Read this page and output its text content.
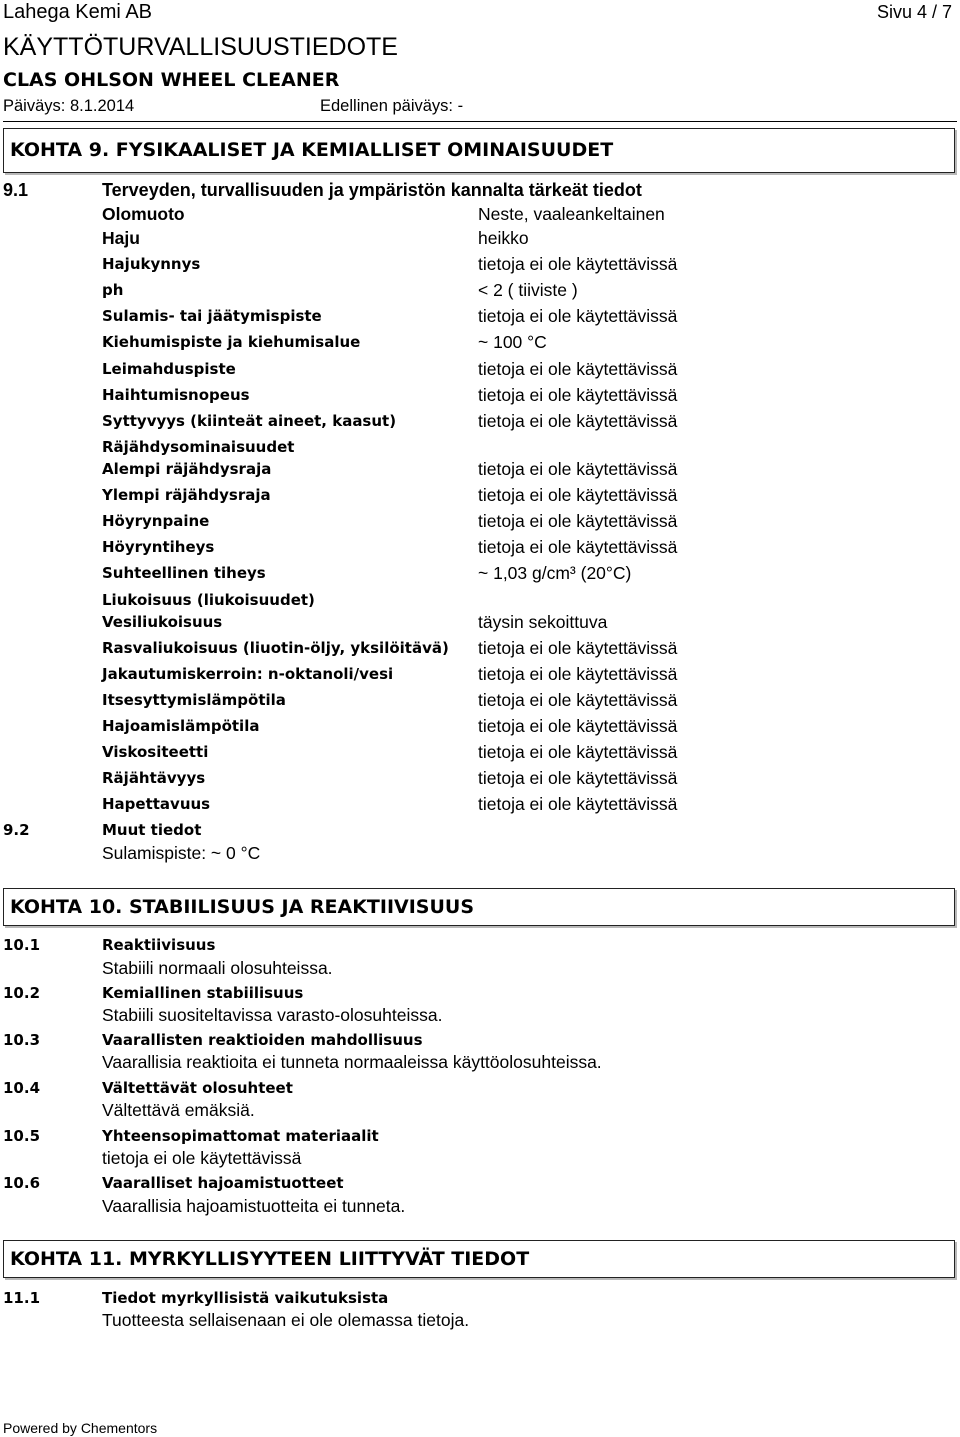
Lahega Kemi AB	Sivu 4 / 7
KÄYTTÖTURVALLISUUSTIEDOTE
CLAS OHLSON WHEEL CLEANER
Päiväys: 8.1.2014	Edellinen päiväys: -
KOHTA 9. FYSIKAALISET JA KEMIALLISET OMINAISUUDET
9.1	Terveyden, turvallisuuden ja ympäristön kannalta tärkeät tiedot
Olomuoto	Neste, vaaleankeltainen
Haju	heikko
Hajukynnys	tietoja ei ole käytettävissä
ph	< 2 ( tiiviste )
Sulamis- tai jäätymispiste	tietoja ei ole käytettävissä
Kiehumispiste ja kiehumisalue	~ 100 °C
Leimahduspiste	tietoja ei ole käytettävissä
Haihtumisnopeus	tietoja ei ole käytettävissä
Syttyvyys (kiinteät aineet, kaasut)	tietoja ei ole käytettävissä
Räjähdysominaisuudet
Alempi räjähdysraja	tietoja ei ole käytettävissä
Ylempi räjähdysraja	tietoja ei ole käytettävissä
Höyrynpaine	tietoja ei ole käytettävissä
Höyryntiheys	tietoja ei ole käytettävissä
Suhteellinen tiheys	~ 1,03 g/cm³ (20°C)
Liukoisuus (liukoisuudet)
Vesiliukoisuus	täysin sekoittuva
Rasvaliukoisuus (liuotin-öljy, yksilöitävä) tietoja ei ole käytettävissä
Jakautumiskerroin: n-oktanoli/vesi	tietoja ei ole käytettävissä
Itsesyttymislämpötila	tietoja ei ole käytettävissä
Hajoamislämpötila	tietoja ei ole käytettävissä
Viskositeetti	tietoja ei ole käytettävissä
Räjähtävyys	tietoja ei ole käytettävissä
Hapettavuus	tietoja ei ole käytettävissä
9.2	Muut tiedot
Sulamispiste: ~ 0 °C
KOHTA 10. STABIILISUUS JA REAKTIIVISUUS
10.1	Reaktiivisuus
Stabiili normaali olosuhteissa.
10.2	Kemiallinen stabiilisuus
Stabiili suositeltavissa varasto-olosuhteissa.
10.3	Vaarallisten reaktioiden mahdollisuus
Vaarallisia reaktioita ei tunneta normaaleissa käyttöolosuhteissa.
10.4	Vältettävät olosuhteet
Vältettävä emäksiä.
10.5	Yhteensopimattomat materiaalit
tietoja ei ole käytettävissä
10.6	Vaaralliset hajoamistuotteet
Vaarallisia hajoamistuotteita ei tunneta.
KOHTA 11. MYRKYLLISYYTEEN LIITTYVÄT TIEDOT
11.1	Tiedot myrkyllisistä vaikutuksista
Tuotteesta sellaisenaan ei ole olemassa tietoja.
Powered by Chementors
